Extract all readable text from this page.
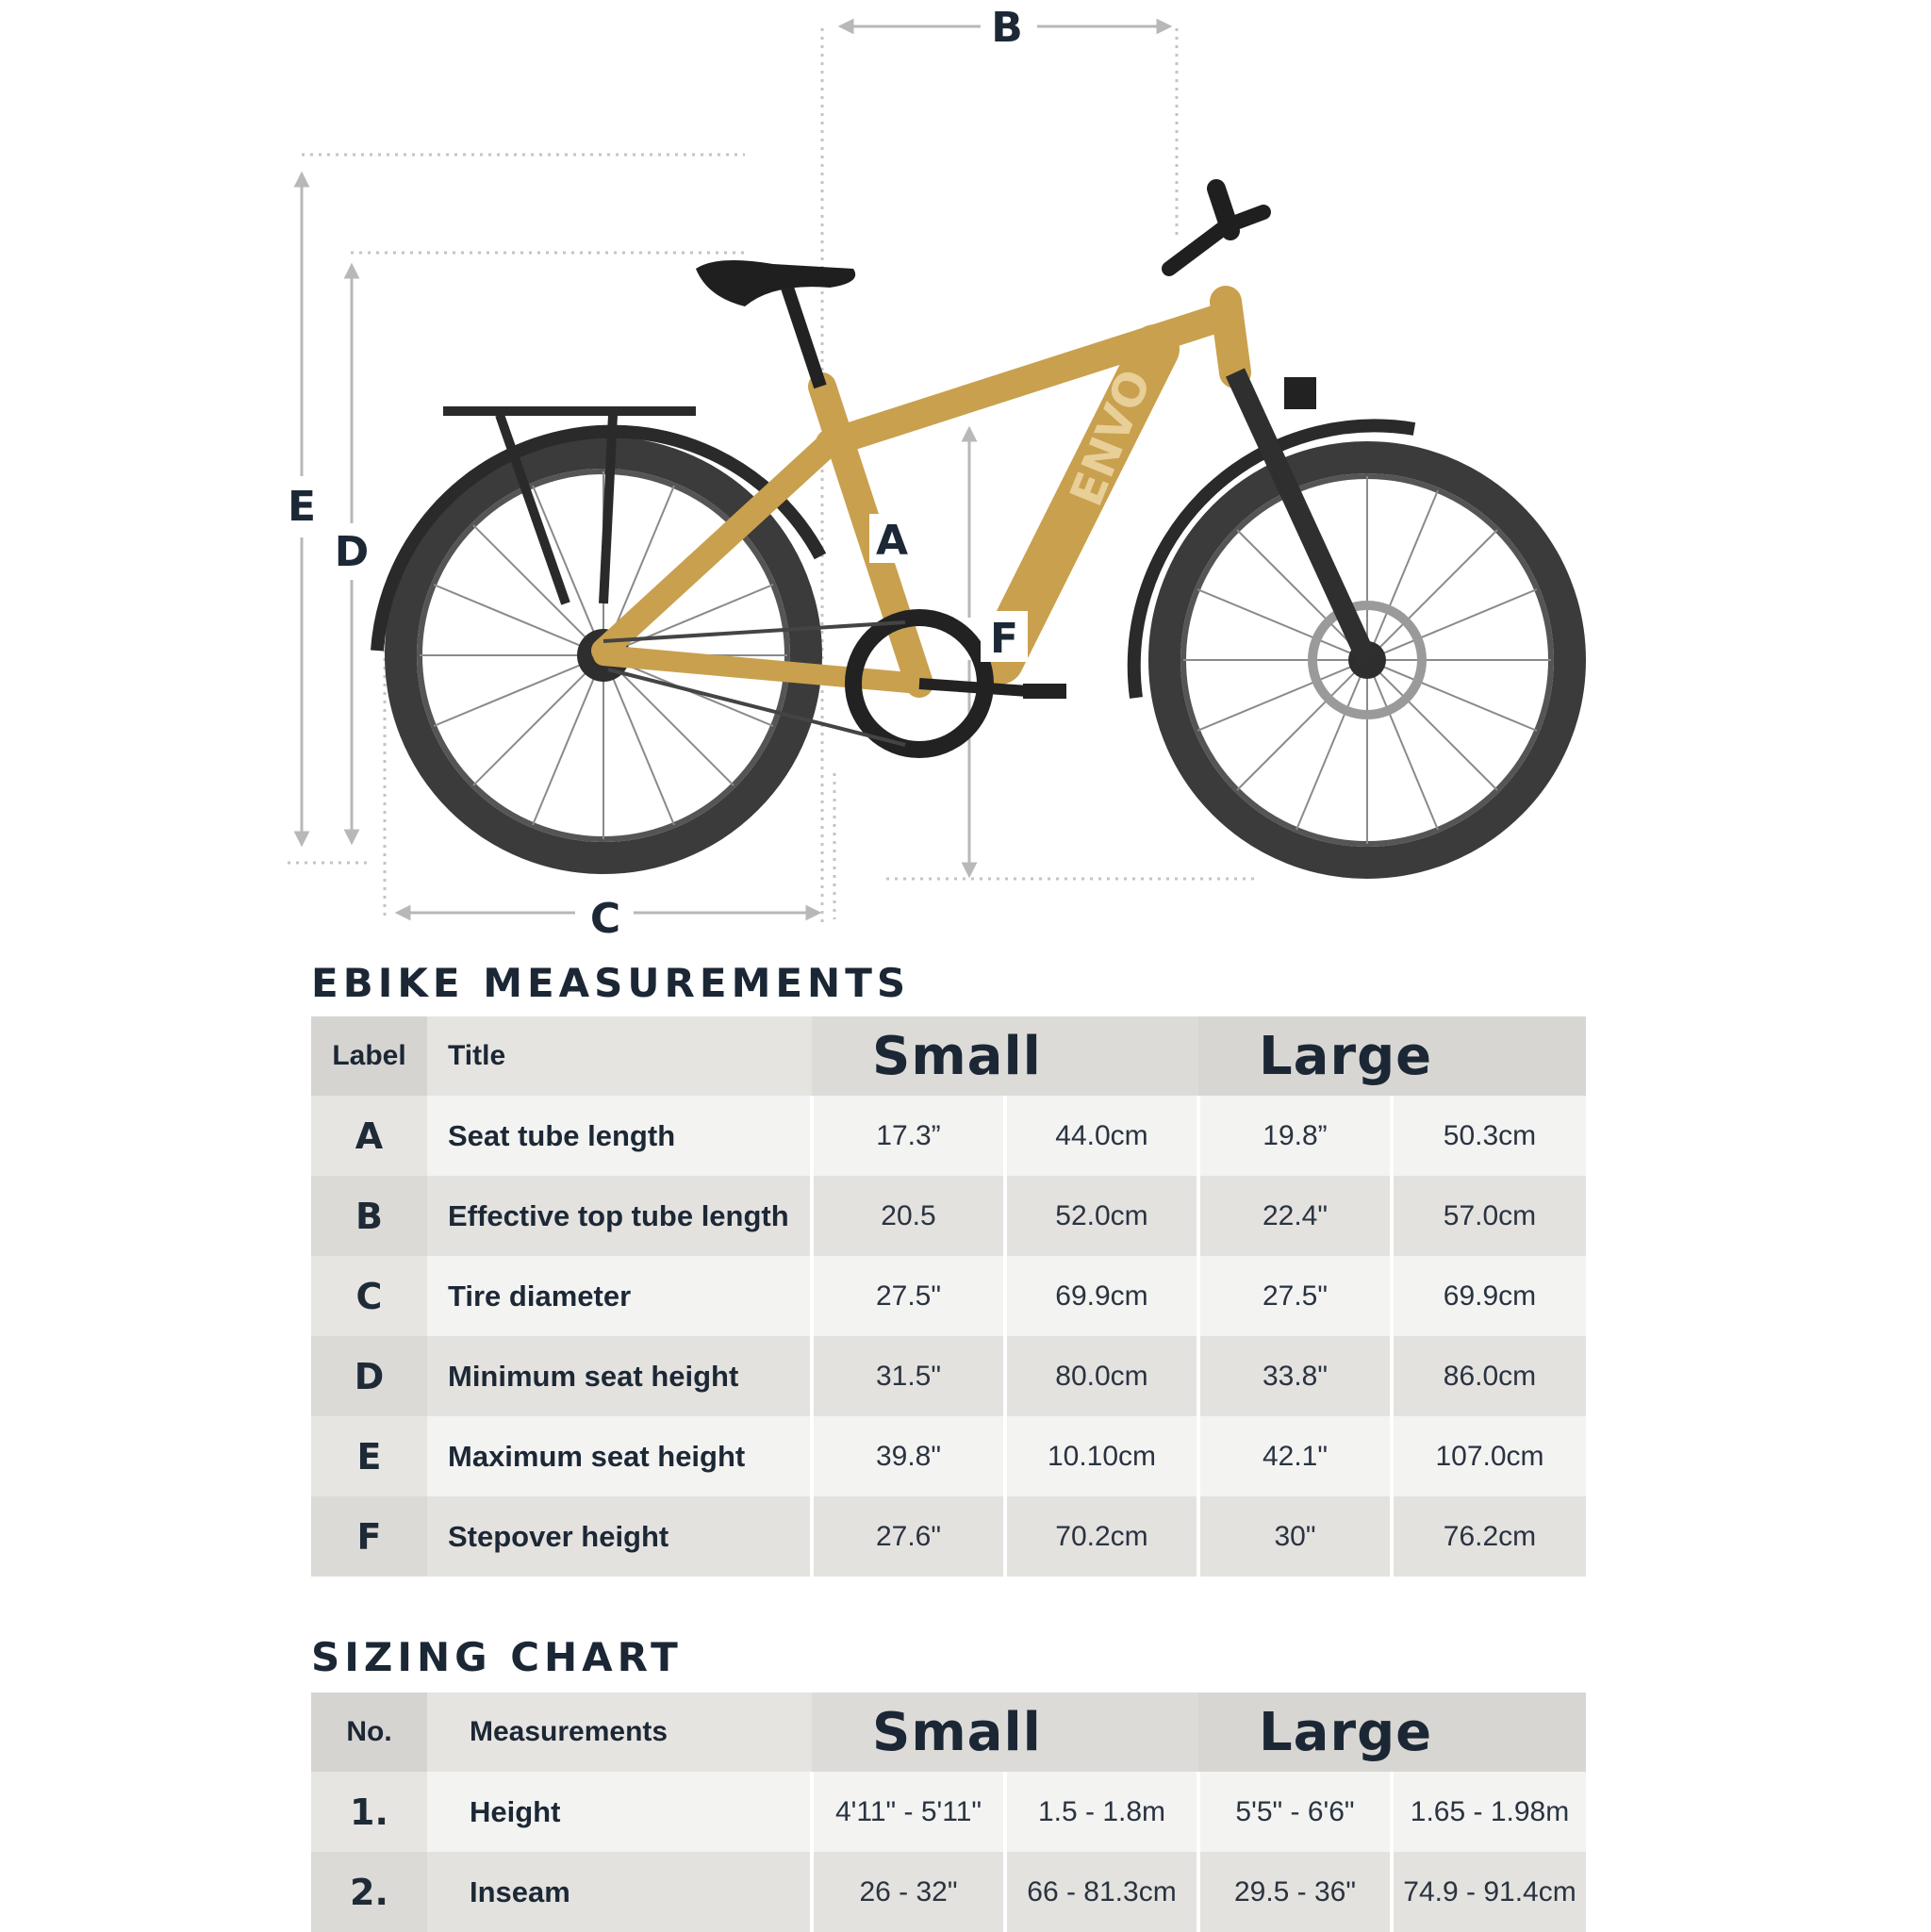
ENVO
B
C
E
D	A
F
EBIKE MEASUREMENTS
Label	Title	Small		Large	
A	Seat tube length	17.3”	44.0cm	19.8”	50.3cm
B	Effective top tube length	20.5	52.0cm	22.4"	57.0cm
C	Tire diameter	27.5"	69.9cm	27.5"	69.9cm
D	Minimum seat height	31.5"	80.0cm	33.8"	86.0cm
E	Maximum seat height	39.8"	10.10cm	42.1"	107.0cm
F	Stepover height	27.6"	70.2cm	30"	76.2cm
SIZING CHART
No.	Measurements	Small		Large	
1.	Height	4'11" - 5'11"	1.5 - 1.8m	5'5" - 6'6"	1.65 - 1.98m
2.	Inseam	26 - 32"	66 - 81.3cm	29.5 - 36"	74.9 - 91.4cm
